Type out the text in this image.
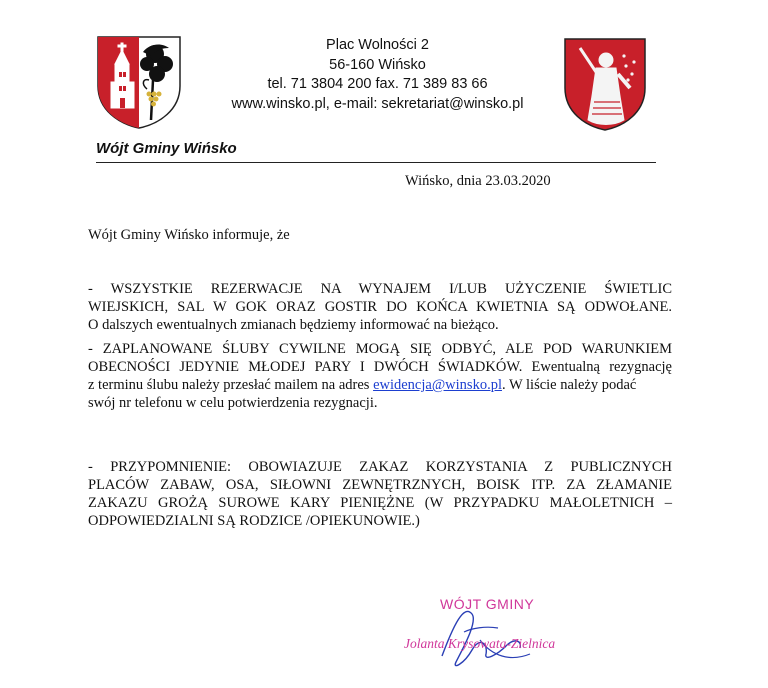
Plac Wolności 2
56-160 Wińsko
tel. 71 3804 200 fax. 71 389 83 66
www.winsko.pl, e-mail: sekretariat@winsko.pl
Wójt Gminy Wińsko
Wińsko, dnia 23.03.2020
Wójt Gminy Wińsko informuje, że
- WSZYSTKIE REZERWACJE NA WYNAJEM I/LUB UŻYCZENIE ŚWIETLIC
WIEJSKICH, SAL W GOK ORAZ GOSTIR DO KOŃCA KWIETNIA SĄ ODWOŁANE.
O dalszych ewentualnych zmianach będziemy informować na bieżąco.
- ZAPLANOWANE ŚLUBY CYWILNE MOGĄ SIĘ ODBYĆ, ALE POD WARUNKIEM
OBECNOŚCI JEDYNIE MŁODEJ PARY I DWÓCH ŚWIADKÓW. Ewentualną rezygnację
z terminu ślubu należy przesłać mailem na adres ewidencja@winsko.pl. W liście należy podać
swój nr telefonu w celu potwierdzenia rezygnacji.
- PRZYPOMNIENIE: OBOWIAZUJE ZAKAZ KORZYSTANIA Z PUBLICZNYCH
PLACÓW ZABAW, OSA, SIŁOWNI ZEWNĘTRZNYCH, BOISK ITP. ZA ZŁAMANIE
ZAKAZU GROŻĄ SUROWE KARY PIENIĘŻNE (W PRZYPADKU MAŁOLETNICH –
ODPOWIEDZIALNI SĄ RODZICE /OPIEKUNOWIE.)
WÓJT GMINY
Jolanta Krysowata-Zielnica
